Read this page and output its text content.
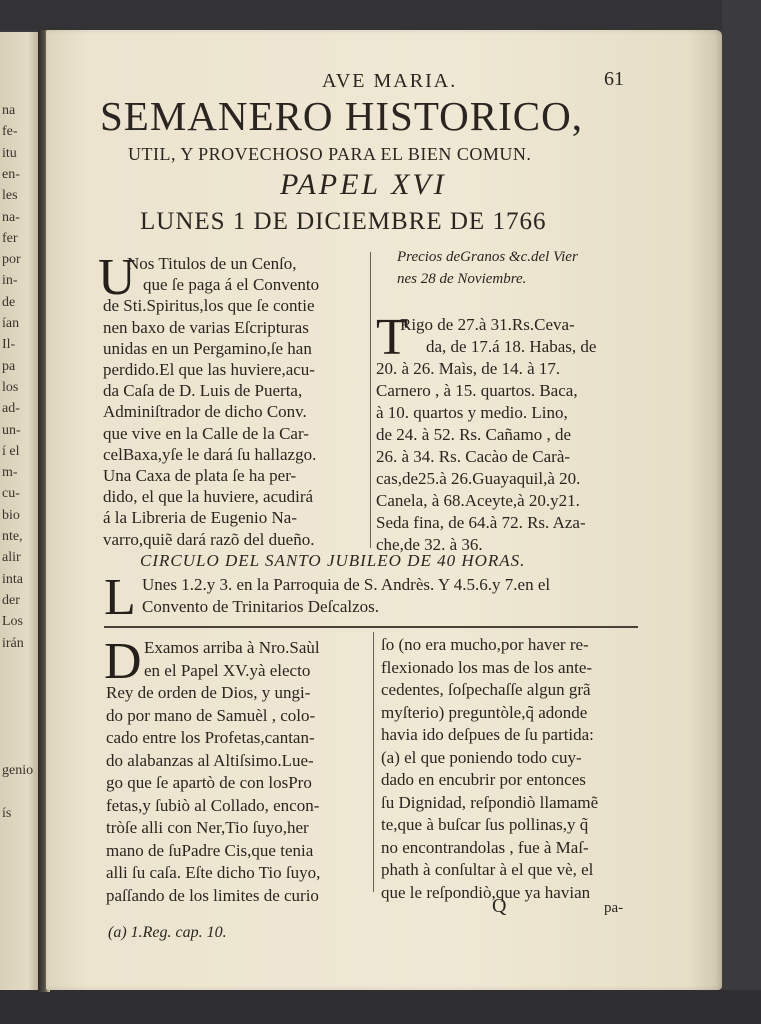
na
fe-
itu
en-
les
na-
fer
por
in-
de
ían
Il-
pa
los
ad-
un-
í el
m-
cu-
bio
nte,
alir
inta
der
Los
irán
genio
ís
AVE MARIA.	61
SEMANERO HISTORICO,
UTIL, Y PROVECHOSO PARA EL BIEN COMUN.
PAPEL XVI
LUNES 1 DE DICIEMBRE DE 1766
U
Nos Titulos de un Cenſo,
que ſe paga á el Convento
de Sti.Spiritus,los que ſe contie
nen baxo de varias Eſcripturas
unidas en un Pergamino,ſe han
perdido.El que las huviere,acu-
da Caſa de D. Luis de Puerta,
Adminiſtrador de dicho Conv.
que vive en la Calle de la Car-
celBaxa,yſe le dará ſu hallazgo.
Una Caxa de plata ſe ha per-
dido, el que la huviere, acudirá
á la Libreria de Eugenio Na-
varro,quiẽ dará razõ del dueño.
Precios deGranos &c.del Vier
nes 28 de Noviembre.
T
Rigo de 27.à 31.Rs.Ceva-
da, de 17.á 18. Habas, de
20. à 26. Maìs, de 14. à 17.
Carnero , à 15. quartos. Baca,
à 10. quartos y medio. Lino,
de 24. à 52. Rs. Cañamo , de
26. à 34. Rs. Cacào de Carà-
cas,de25.à 26.Guayaquil,à 20.
Canela, à 68.Aceyte,à 20.y21.
Seda fina, de 64.à 72. Rs. Aza-
che,de 32. à 36.
CIRCULO DEL SANTO JUBILEO DE 40 HORAS.
L Unes 1.2.y 3. en la Parroquia de S. Andrès. Y 4.5.6.y 7.en el
Convento de Trinitarios Deſcalzos.
D Examos arriba à Nro.Saùl
en el Papel XV.yà electo
Rey de orden de Dios, y ungi-
do por mano de Samuèl , colo-
cado entre los Profetas,cantan-
do alabanzas al Altiſsimo.Lue-
go que ſe apartò de con losPro
fetas,y ſubiò al Collado, encon-
tròſe alli con Ner,Tio ſuyo,her
mano de ſuPadre Cis,que tenia
alli ſu caſa. Eſte dicho Tio ſuyo,
paſſando de los limites de curio
ſo (no era mucho,por haver re-
flexionado los mas de los ante-
cedentes, ſoſpechaſſe algun grã
myſterio) preguntòle,q̃ adonde
havia ido deſpues de ſu partida:
(a) el que poniendo todo cuy-
dado en encubrir por entonces
ſu Dignidad, reſpondiò llamamẽ
te,que à buſcar ſus pollinas,y q̃
no encontrandolas , fue à Maſ-
phath à conſultar à el que vè, el
que le reſpondiò,que ya havian
Q	pa-
(a) 1.Reg. cap. 10.
